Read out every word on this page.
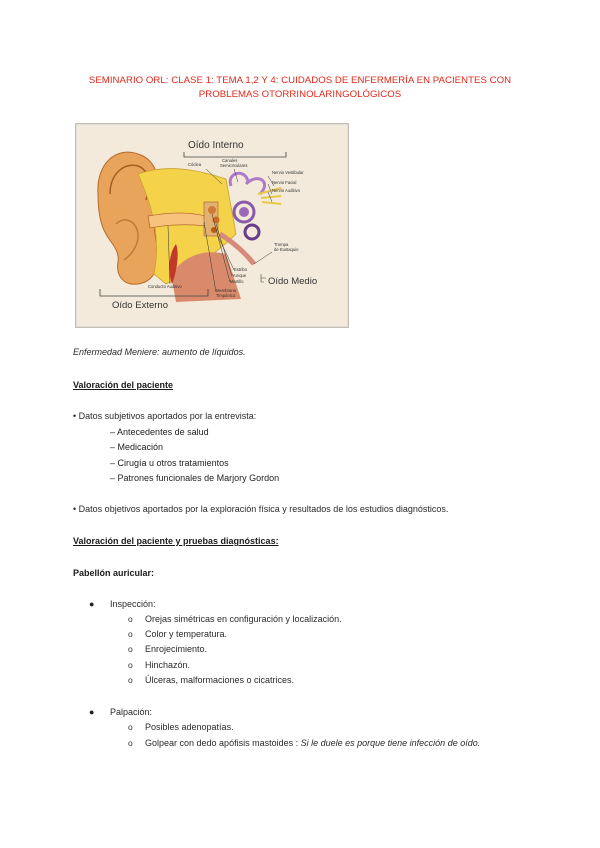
SEMINARIO ORL: CLASE 1: TEMA 1,2 Y 4: CUIDADOS DE ENFERMERÍA EN PACIENTES CON
PROBLEMAS OTORRINOLARINGOLÓGICOS
Oído Interno
Cóclea
Canales
Semicirculares
Nervio Vestibular
Nervio Facial
Nervio Auditivo
Trompa
de Eustaquio
Estribo
Yunque
Martillo
Membrana
Timpánica
Conducto Auditivo	Oído Medio
Oído Externo
Enfermedad Meniere: aumento de líquidos.
Valoración del paciente
• Datos subjetivos aportados por la entrevista:
– Antecedentes de salud
– Medicación
– Cirugía u otros tratamientos
– Patrones funcionales de Marjory Gordon
• Datos objetivos aportados por la exploración física y resultados de los estudios diagnósticos.
Valoración del paciente y pruebas diagnósticas:
Pabellón auricular:
● Inspección:
o Orejas simétricas en configuración y localización.
o Color y temperatura.
o Enrojecimiento.
o Hinchazón.
o Úlceras, malformaciones o cicatrices.
● Palpación:
o Posibles adenopatías.
o Golpear con dedo apófisis mastoides : Si le duele es porque tiene infección de oído.
